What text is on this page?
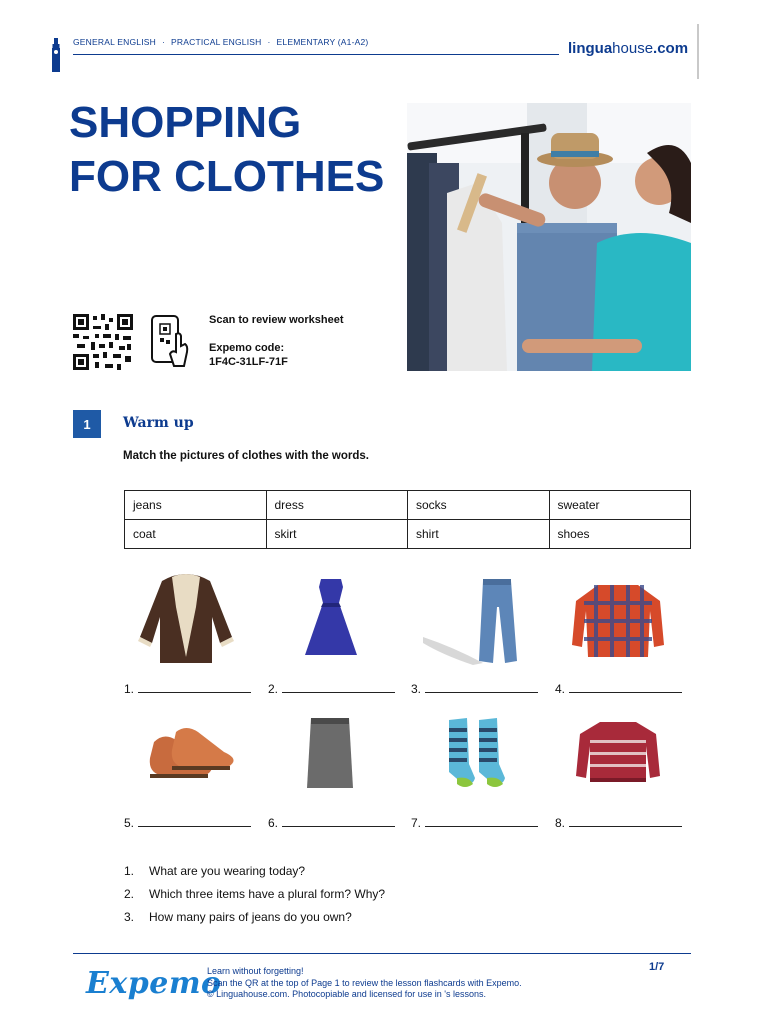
GENERAL ENGLISH · PRACTICAL ENGLISH · ELEMENTARY (A1-A2)	linguahouse.com
SHOPPING
FOR CLOTHES
Scan to review worksheet
Expemo code:
1F4C-31LF-71F
1	Warm up
Match the pictures of clothes with the words.
jeans	dress	socks	sweater
coat	skirt	shirt	shoes
1.	2.	3.	4.
5.	6.	7.	8.
1. What are you wearing today?
2. Which three items have a plural form? Why?
3. How many pairs of jeans do you own?
Expemo
Learn without forgetting!
Scan the QR at the top of Page 1 to review the lesson flashcards with Expemo.
© Linguahouse.com. Photocopiable and licensed for use in 's lessons.
1/7
